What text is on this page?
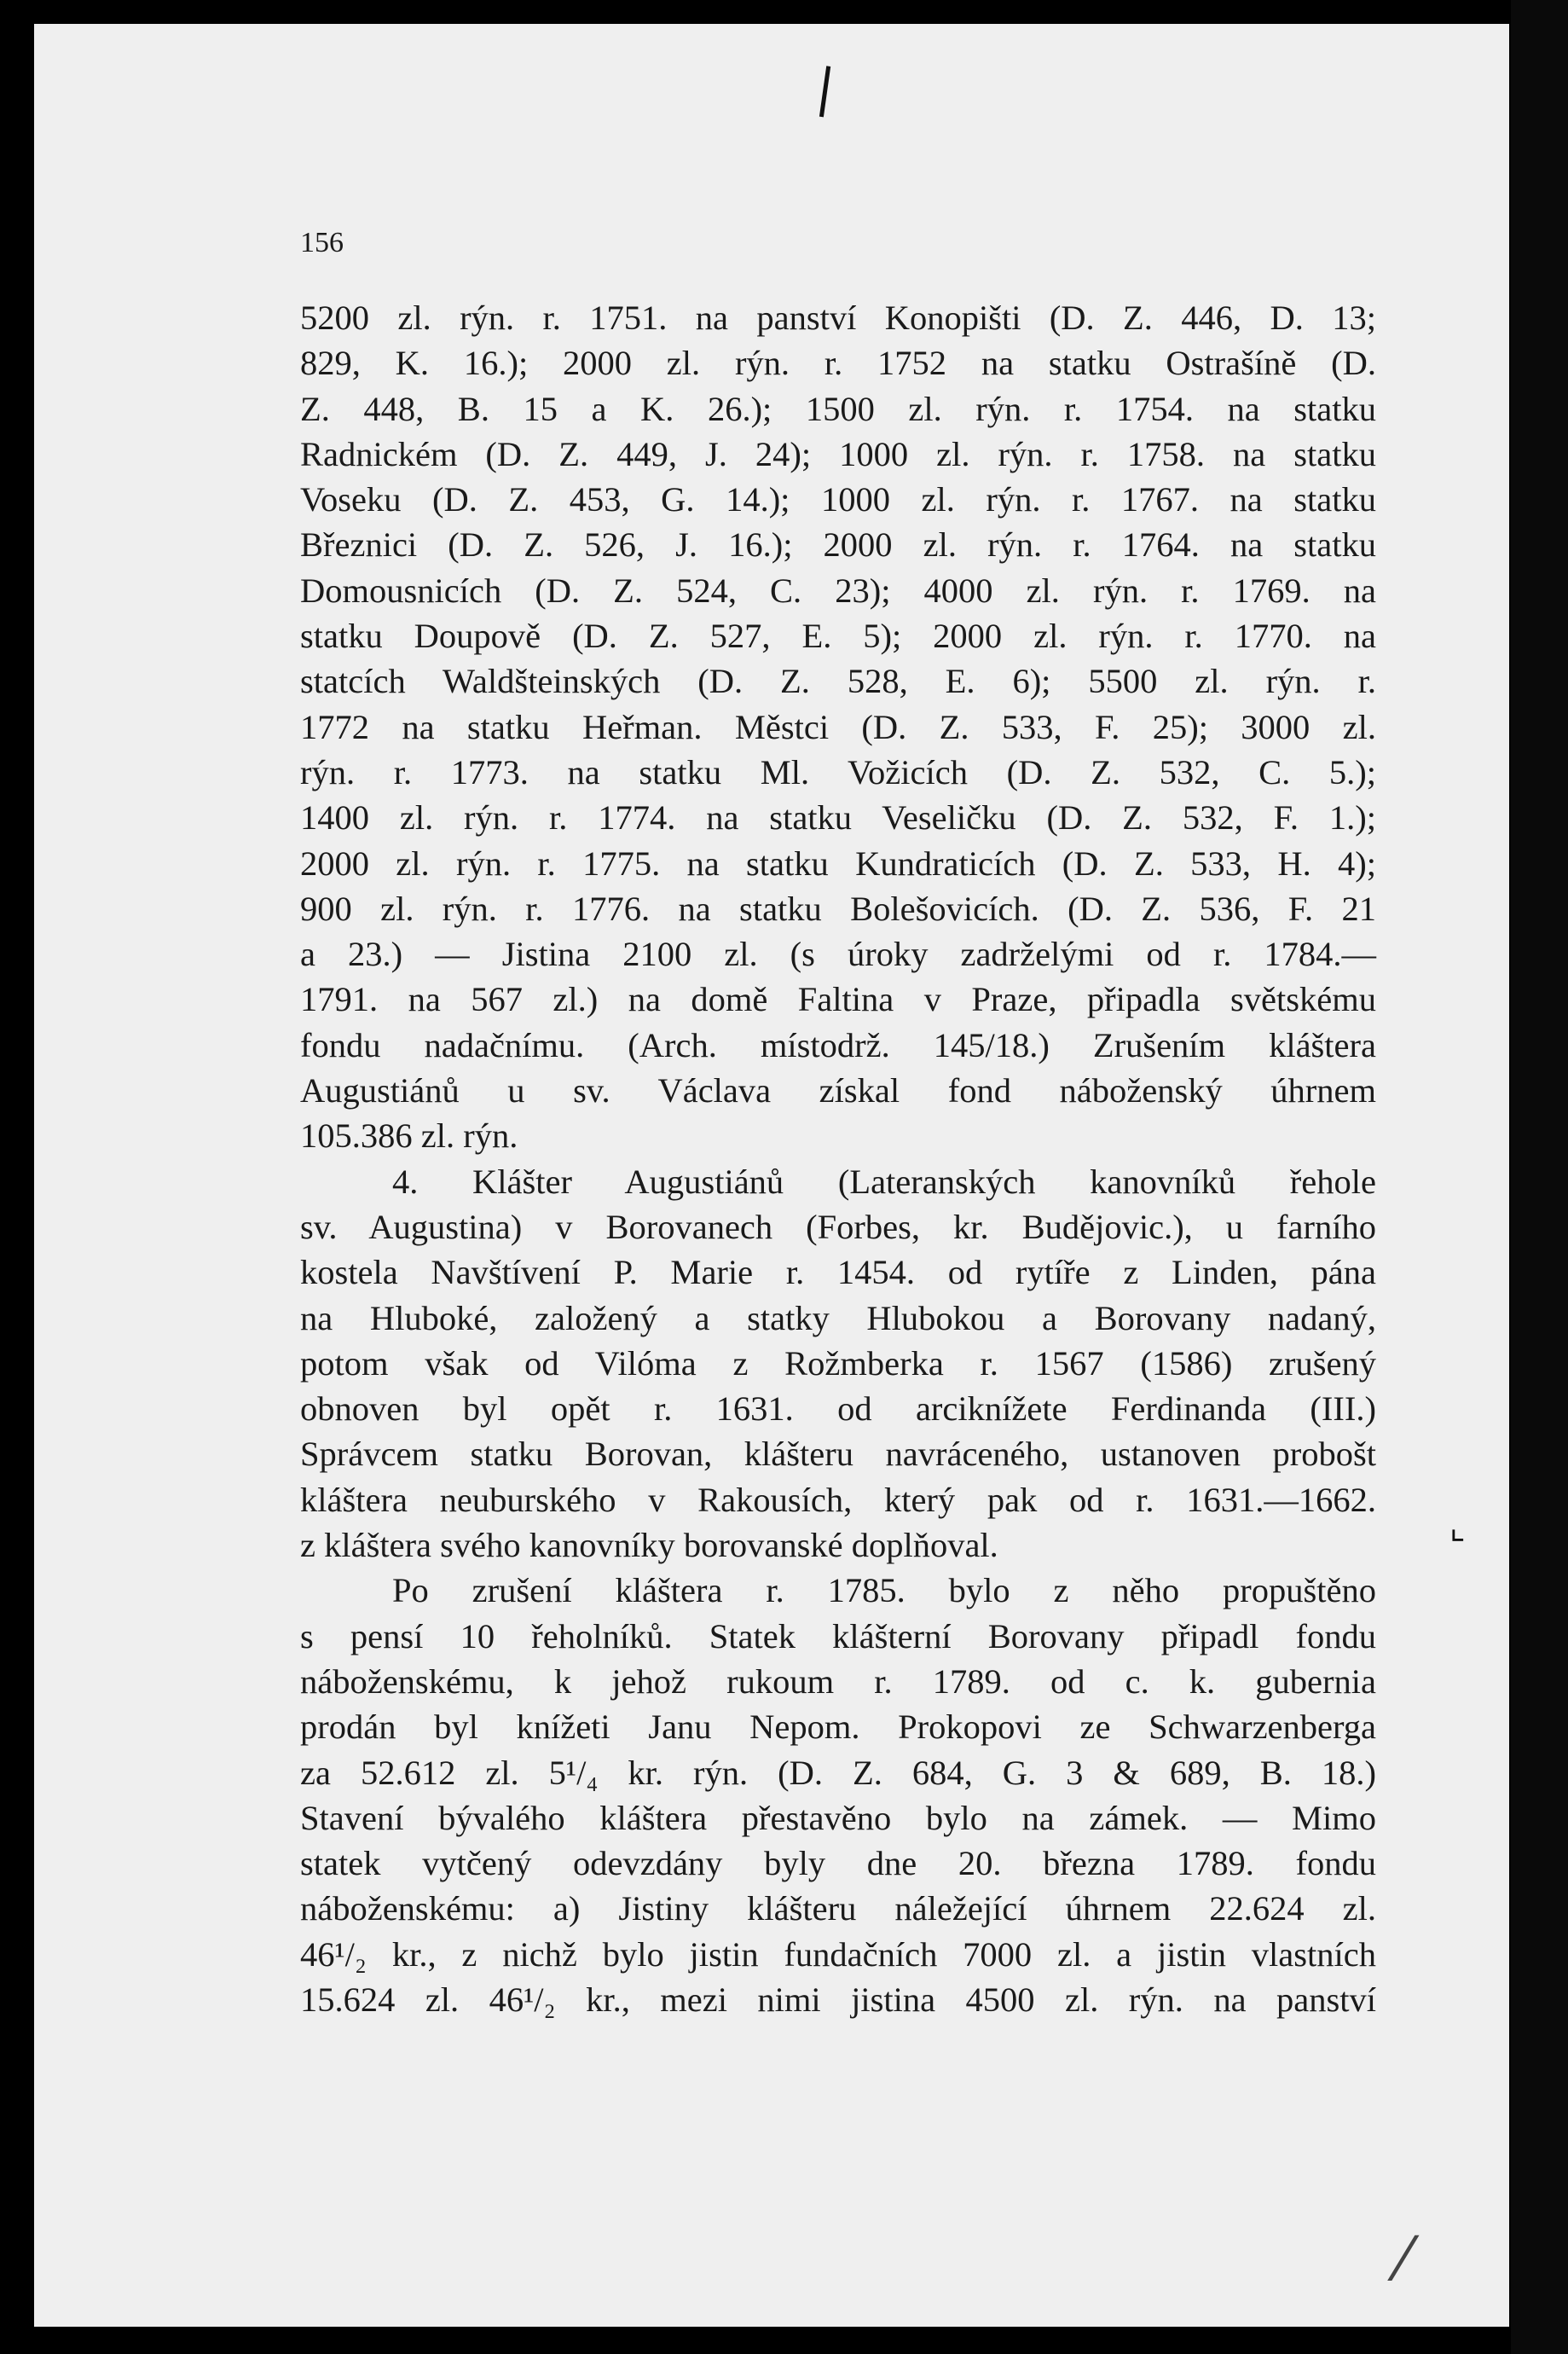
❘
⌞
⁄

156

5200 zl. rýn. r. 1751. na panství Konopišti (D. Z. 446, D. 13;
829, K. 16.); 2000 zl. rýn. r. 1752 na statku Ostrašíně (D.
Z. 448, B. 15 a K. 26.); 1500 zl. rýn. r. 1754. na statku
Radnickém (D. Z. 449, J. 24); 1000 zl. rýn. r. 1758. na statku
Voseku (D. Z. 453, G. 14.); 1000 zl. rýn. r. 1767. na statku
Březnici (D. Z. 526, J. 16.); 2000 zl. rýn. r. 1764. na statku
Domousnicích (D. Z. 524, C. 23); 4000 zl. rýn. r. 1769. na
statku Doupově (D. Z. 527, E. 5); 2000 zl. rýn. r. 1770. na
statcích Waldšteinských (D. Z. 528, E. 6); 5500 zl. rýn. r.
1772 na statku Heřman. Městci (D. Z. 533, F. 25); 3000 zl.
rýn. r. 1773. na statku Ml. Vožicích (D. Z. 532, C. 5.);
1400 zl. rýn. r. 1774. na statku Veseličku (D. Z. 532, F. 1.);
2000 zl. rýn. r. 1775. na statku Kundraticích (D. Z. 533, H. 4);
900 zl. rýn. r. 1776. na statku Bolešovicích. (D. Z. 536, F. 21
a 23.) — Jistina 2100 zl. (s úroky zadrželými od r. 1784.—
1791. na 567 zl.) na domě Faltina v Praze, připadla světskému
fondu nadačnímu. (Arch. místodrž. 145/18.) Zrušením kláštera
Augustiánů u sv. Václava získal fond náboženský úhrnem
105.386 zl. rýn.
4. Klášter Augustiánů (Lateranských kanovníků řehole
sv. Augustina) v Borovanech (Forbes, kr. Budějovic.), u farního
kostela Navštívení P. Marie r. 1454. od rytíře z Linden, pána
na Hluboké, založený a statky Hlubokou a Borovany nadaný,
potom však od Vilóma z Rožmberka r. 1567 (1586) zrušený
obnoven byl opět r. 1631. od arciknížete Ferdinanda (III.)
Správcem statku Borovan, klášteru navráceného, ustanoven probošt
kláštera neuburského v Rakousích, který pak od r. 1631.—1662.
z kláštera svého kanovníky borovanské doplňoval.
Po zrušení kláštera r. 1785. bylo z něho propuštěno
s pensí 10 řeholníků. Statek klášterní Borovany připadl fondu
náboženskému, k jehož rukoum r. 1789. od c. k. gubernia
prodán byl knížeti Janu Nepom. Prokopovi ze Schwarzenberga
za 52.612 zl. 5¹/₄ kr. rýn. (D. Z. 684, G. 3 & 689, B. 18.)
Stavení bývalého kláštera přestavěno bylo na zámek. — Mimo
statek vytčený odevzdány byly dne 20. března 1789. fondu
náboženskému: a) Jistiny klášteru náležející úhrnem 22.624 zl.
46¹/₂ kr., z nichž bylo jistin fundačních 7000 zl. a jistin vlastních
15.624 zl. 46¹/₂ kr., mezi nimi jistina 4500 zl. rýn. na panství
